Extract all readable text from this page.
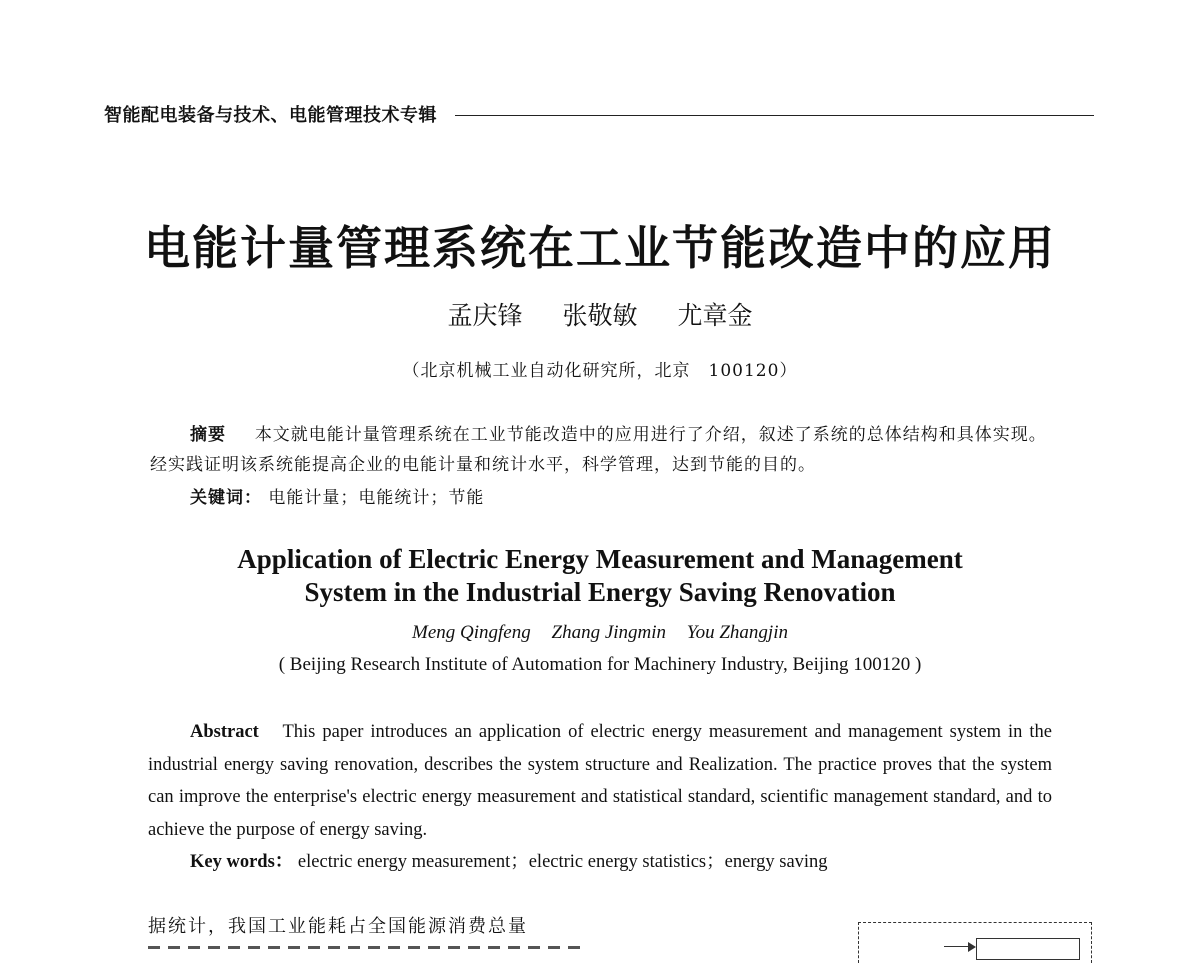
智能配电装备与技术、电能管理技术专辑
电能计量管理系统在工业节能改造中的应用
孟庆锋 张敬敏 尤章金
（北京机械工业自动化研究所，北京　100120）

摘要 本文就电能计量管理系统在工业节能改造中的应用进行了介绍，叙述了系统的总体结构和具体实现。经实践证明该系统能提高企业的电能计量和统计水平，科学管理，达到节能的目的。

关键词： 电能计量；电能统计；节能
Application of Electric Energy Measurement and Management
System in the Industrial Energy Saving Renovation
Meng Qingfeng Zhang Jingmin You Zhangjin
( Beijing Research Institute of Automation for Machinery Industry, Beijing 100120 )

Abstract This paper introduces an application of electric energy measurement and management system in the industrial energy saving renovation, describes the system structure and Realization. The practice proves that the system can improve the enterprise's electric energy measurement and statistical standard, scientific management standard, and to achieve the purpose of energy saving.

Key words： electric energy measurement；electric energy statistics；energy saving
据统计，我国工业能耗占全国能源消费总量
